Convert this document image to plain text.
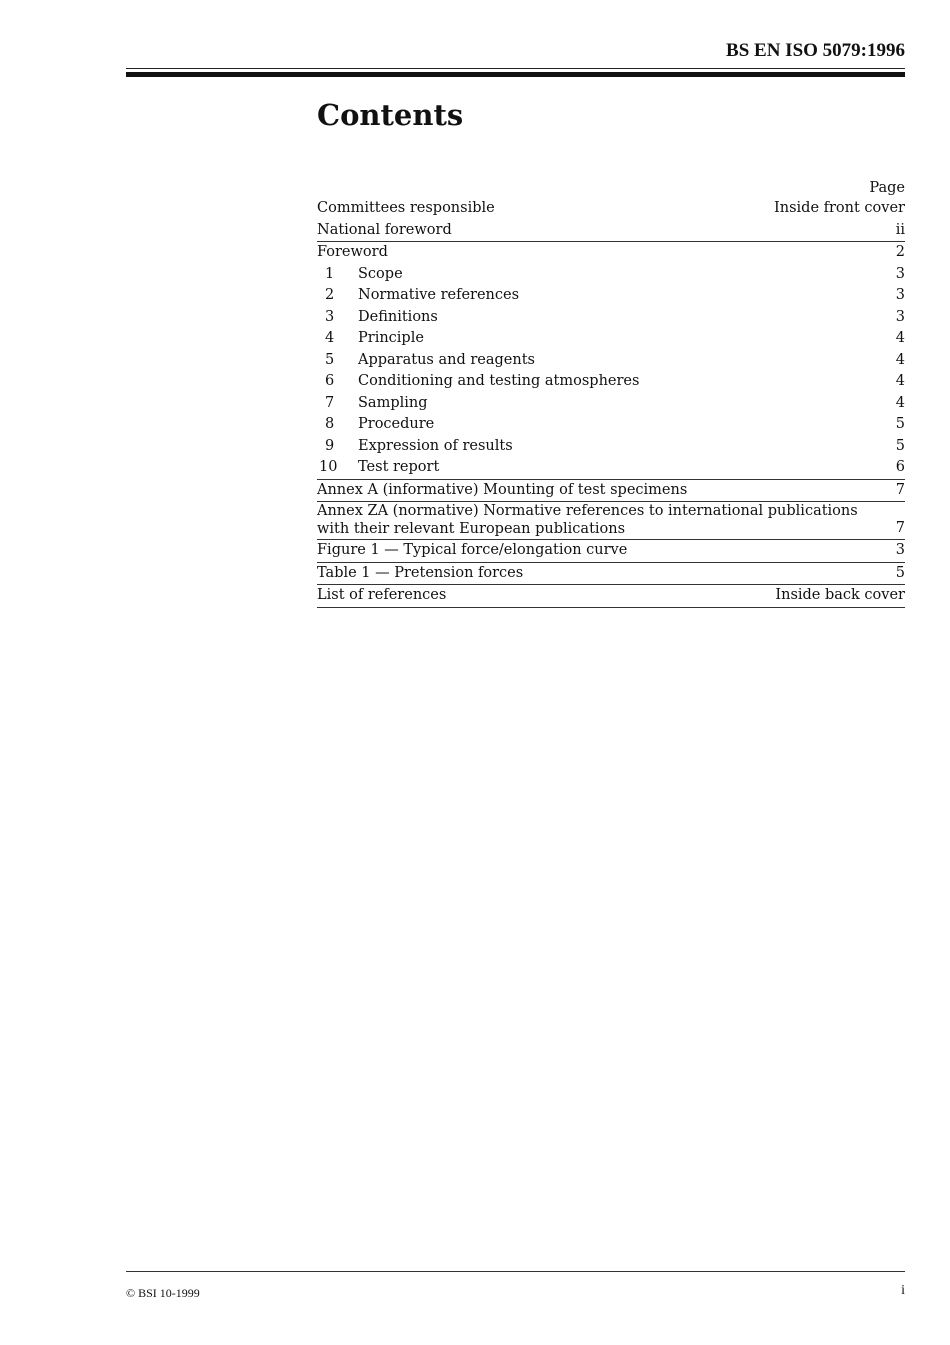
BS EN ISO 5079:1996
Contents
Page
Committees responsible	Inside front cover
National foreword	ii
Foreword	2
1	Scope	3
2	Normative references	3
3	Definitions	3
4	Principle	4
5	Apparatus and reagents	4
6	Conditioning and testing atmospheres	4
7	Sampling	4
8	Procedure	5
9	Expression of results	5
10	Test report	6
Annex A (informative) Mounting of test specimens	7
Annex ZA (normative) Normative references to international publications with their relevant European publications	7
Figure 1 — Typical force/elongation curve	3
Table 1 — Pretension forces	5
List of references	Inside back cover
© BSI 10-1999	i
